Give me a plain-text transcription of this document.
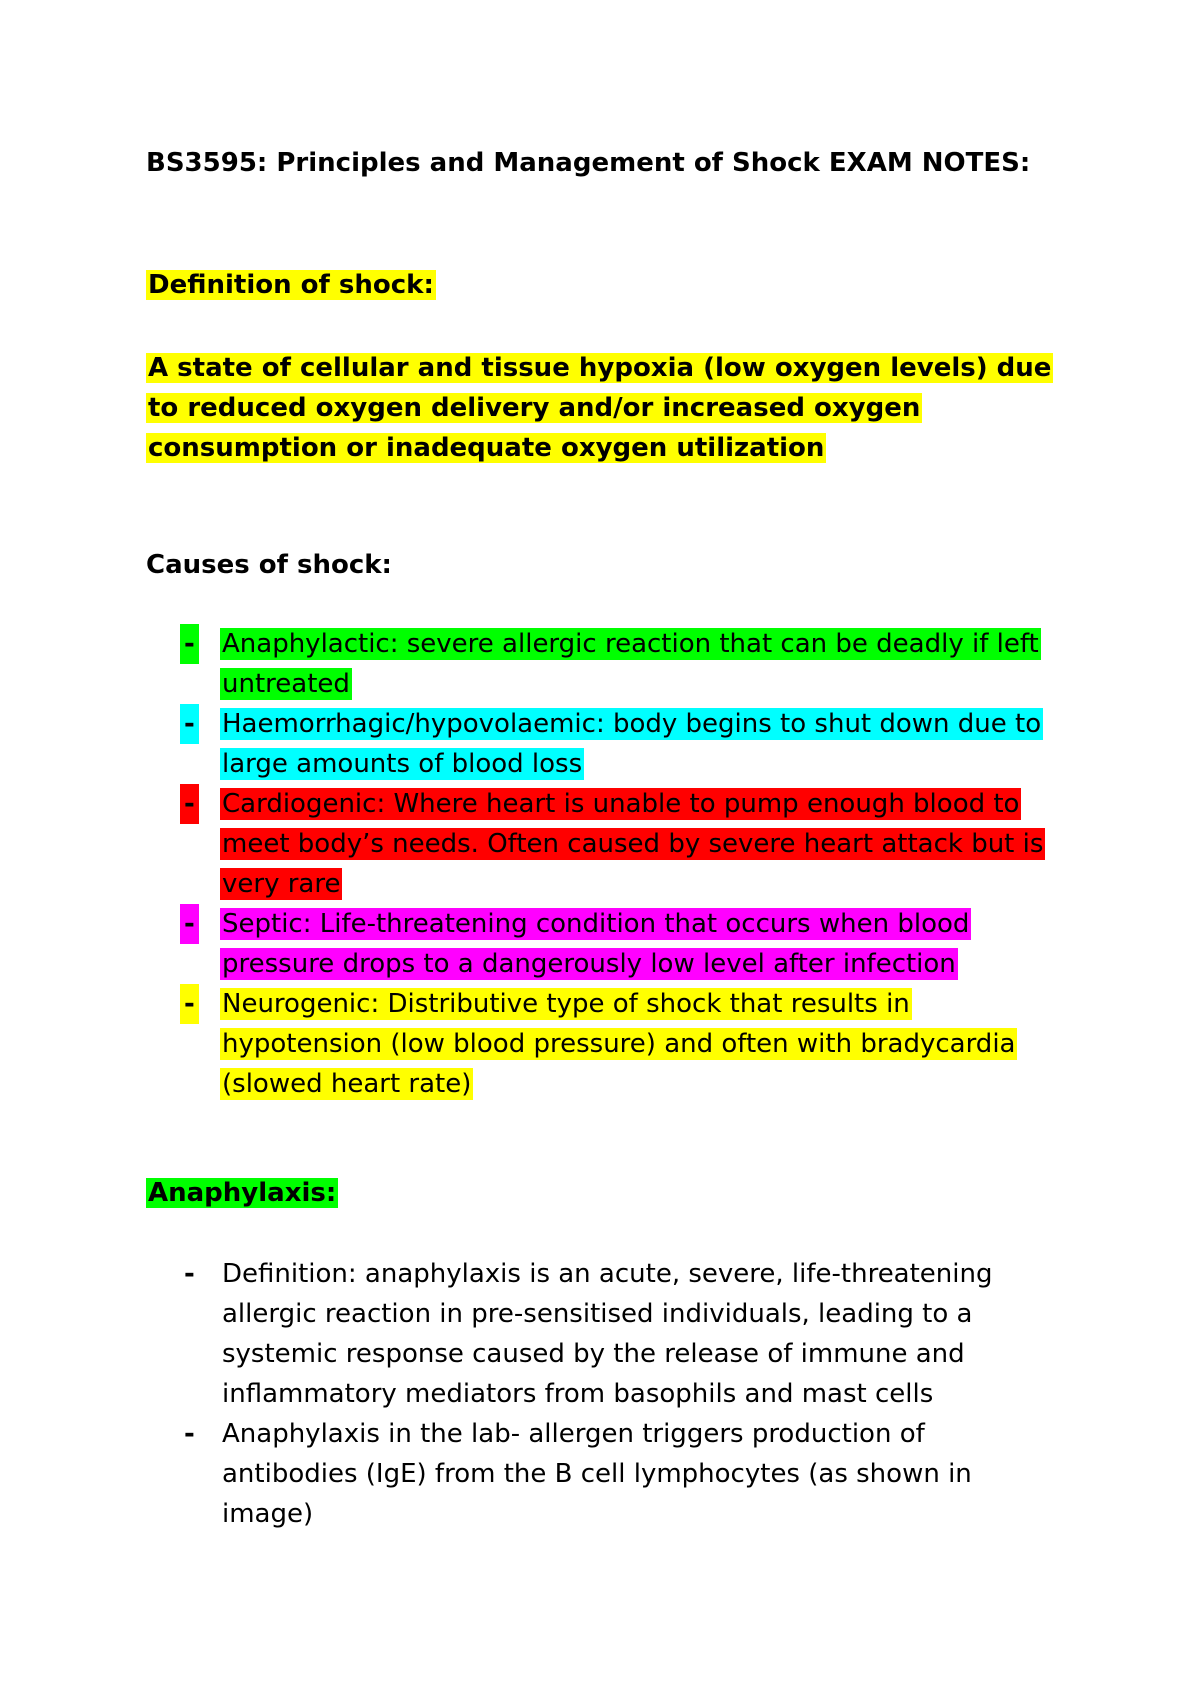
BS3595: Principles and Management of Shock EXAM NOTES:
Definition of shock:

A state of cellular and tissue hypoxia (low oxygen levels) due to reduced oxygen delivery and/or increased oxygen consumption or inadequate oxygen utilization

Causes of shock:
- Anaphylactic: severe allergic reaction that can be deadly if left untreated
- Haemorrhagic/hypovolaemic: body begins to shut down due to large amounts of blood loss
- Cardiogenic: Where heart is unable to pump enough blood to meet body’s needs. Often caused by severe heart attack but is very rare
- Septic: Life-threatening condition that occurs when blood pressure drops to a dangerously low level after infection
- Neurogenic: Distributive type of shock that results in hypotension (low blood pressure) and often with bradycardia (slowed heart rate)
Anaphylaxis:
- Definition: anaphylaxis is an acute, severe, life-threatening allergic reaction in pre-sensitised individuals, leading to a systemic response caused by the release of immune and inflammatory mediators from basophils and mast cells
- Anaphylaxis in the lab- allergen triggers production of antibodies (IgE) from the B cell lymphocytes (as shown in image)
